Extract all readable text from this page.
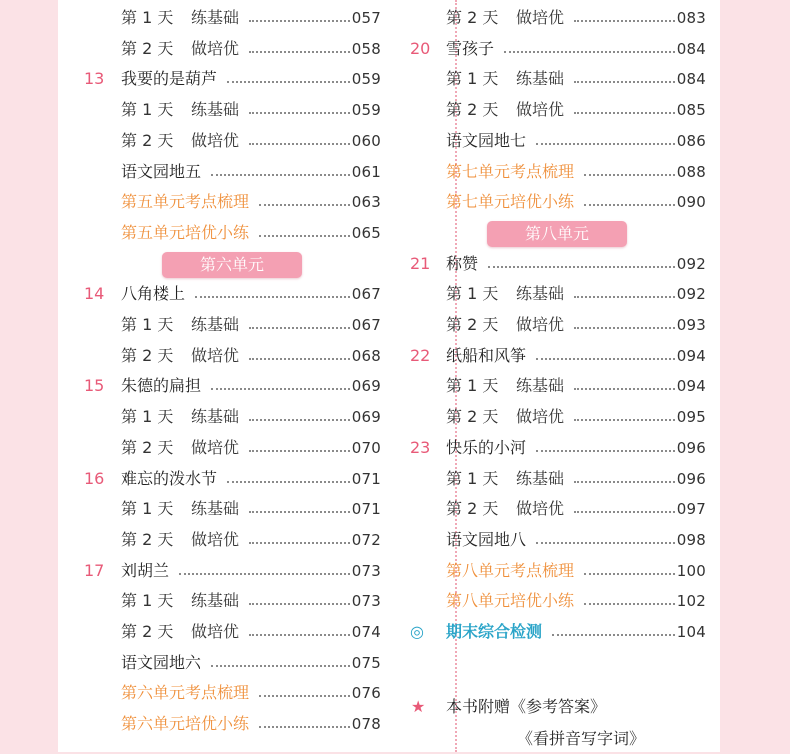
第 1 天	练基础	057
第 2 天	做培优	058
13	我要的是葫芦	059
第 1 天	练基础	059
第 2 天	做培优	060
语文园地五	061
第五单元考点梳理	063
第五单元培优小练	065
第六单元
14	八角楼上	067
第 1 天	练基础	067
第 2 天	做培优	068
15	朱德的扁担	069
第 1 天	练基础	069
第 2 天	做培优	070
16	难忘的泼水节	071
第 1 天	练基础	071
第 2 天	做培优	072
17	刘胡兰	073
第 1 天	练基础	073
第 2 天	做培优	074
语文园地六	075
第六单元考点梳理	076
第六单元培优小练	078
第 2 天	做培优	083
20 雪孩子	084
第 1 天	练基础	084
第 2 天	做培优	085
语文园地七	086
第七单元考点梳理	088
第七单元培优小练	090
第八单元
21 称赞	092
第 1 天	练基础	092
第 2 天	做培优	093
22 纸船和风筝	094
第 1 天	练基础	094
第 2 天	做培优	095
23 快乐的小河	096
第 1 天	练基础	096
第 2 天	做培优	097
语文园地八	098
第八单元考点梳理	100
第八单元培优小练	102
◎ 期末综合检测	104
★ 本书附赠《参考答案》
《看拼音写字词》
